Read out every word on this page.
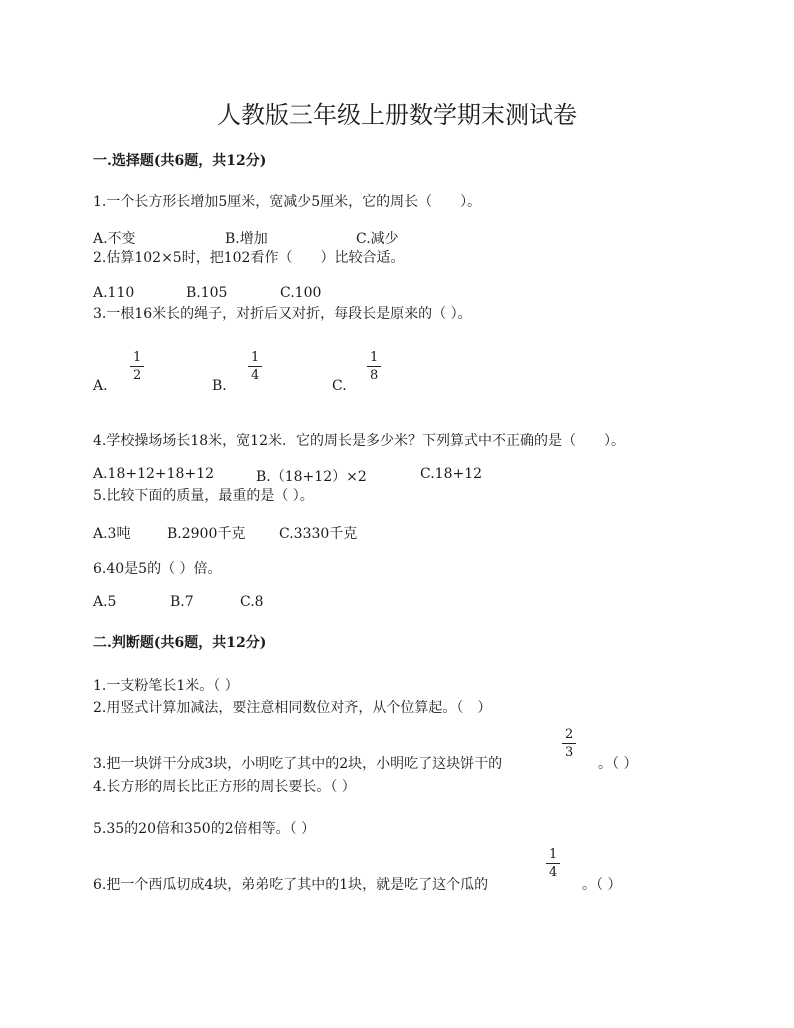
人教版三年级上册数学期末测试卷
一.选择题(共6题，共12分)
1.一个长方形长增加5厘米，宽减少5厘米，它的周长（　　）。
A.不变	B.增加	C.减少
2.估算102×5时，把102看作（　　）比较合适。
A.110	B.105	C.100
3.一根16米长的绳子，对折后又对折，每段长是原来的（ ）。
A.
1
2
B.
1
4
C.
1
8
4.学校操场场长18米，宽12米．它的周长是多少米？下列算式中不正确的是（　　）。
A.18+12+18+12	B.（18+12）×2	C.18+12
5.比较下面的质量，最重的是（ ）。
A.3吨	B.2900千克 C.3330千克
6.40是5的（ ）倍。
A.5	B.7	C.8
二.判断题(共6题，共12分)
1.一支粉笔长1米。（ ）
2.用竖式计算加减法，要注意相同数位对齐，从个位算起。（　）
3.把一块饼干分成3块，小明吃了其中的2块，小明吃了这块饼干的
2
3
。（ ）
4.长方形的周长比正方形的周长要长。（ ）
5.35的20倍和350的2倍相等。（ ）
6.把一个西瓜切成4块，弟弟吃了其中的1块，就是吃了这个瓜的
1
4
。（ ）
